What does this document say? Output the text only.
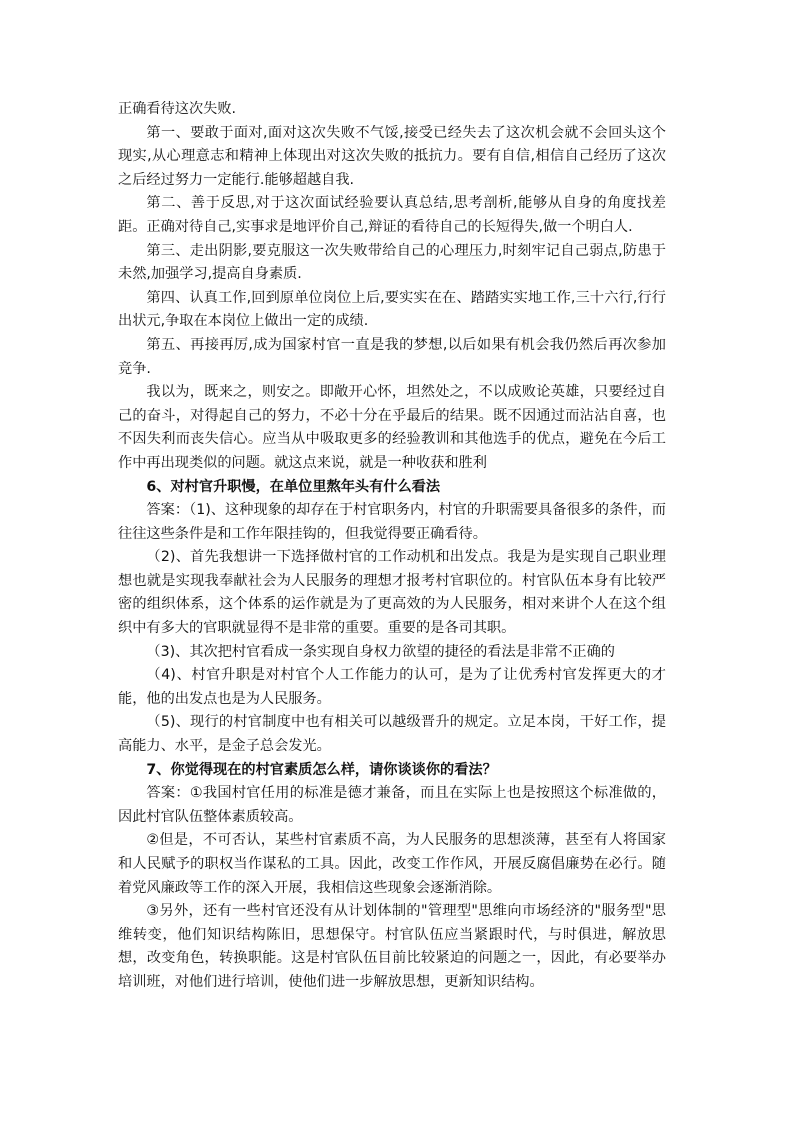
正确看待这次失败.

第一、要敢于面对,面对这次失败不气馁,接受已经失去了这次机会就不会回头这个现实,从心理意志和精神上体现出对这次失败的抵抗力。要有自信,相信自己经历了这次之后经过努力一定能行.能够超越自我.

第二、善于反思,对于这次面试经验要认真总结,思考剖析,能够从自身的角度找差距。正确对待自己,实事求是地评价自己,辩证的看待自己的长短得失,做一个明白人.

第三、走出阴影,要克服这一次失败带给自己的心理压力,时刻牢记自己弱点,防患于未然,加强学习,提高自身素质.

第四、认真工作,回到原单位岗位上后,要实实在在、踏踏实实地工作,三十六行,行行出状元,争取在本岗位上做出一定的成绩.

第五、再接再厉,成为国家村官一直是我的梦想,以后如果有机会我仍然后再次参加竞争.

我以为，既来之，则安之。即敞开心怀，坦然处之，不以成败论英雄，只要经过自己的奋斗，对得起自己的努力，不必十分在乎最后的结果。既不因通过而沾沾自喜，也不因失利而丧失信心。应当从中吸取更多的经验教训和其他选手的优点，避免在今后工作中再出现类似的问题。就这点来说，就是一种收获和胜利

6、对村官升职慢，在单位里熬年头有什么看法

答案：（1)、这种现象的却存在于村官职务内，村官的升职需要具备很多的条件，而往往这些条件是和工作年限挂钩的，但我觉得要正确看待。

（2)、首先我想讲一下选择做村官的工作动机和出发点。我是为是实现自己职业理想也就是实现我奉献社会为人民服务的理想才报考村官职位的。村官队伍本身有比较严密的组织体系，这个体系的运作就是为了更高效的为人民服务，相对来讲个人在这个组织中有多大的官职就显得不是非常的重要。重要的是各司其职。

（3)、其次把村官看成一条实现自身权力欲望的捷径的看法是非常不正确的

（4)、村官升职是对村官个人工作能力的认可，是为了让优秀村官发挥更大的才能，他的出发点也是为人民服务。

（5)、现行的村官制度中也有相关可以越级晋升的规定。立足本岗，干好工作，提高能力、水平，是金子总会发光。

7、你觉得现在的村官素质怎么样，请你谈谈你的看法？

答案：①我国村官任用的标准是德才兼备，而且在实际上也是按照这个标准做的，因此村官队伍整体素质较高。

②但是，不可否认，某些村官素质不高，为人民服务的思想淡薄，甚至有人将国家和人民赋予的职权当作谋私的工具。因此，改变工作作风，开展反腐倡廉势在必行。随着党风廉政等工作的深入开展，我相信这些现象会逐渐消除。

③另外，还有一些村官还没有从计划体制的"管理型"思维向市场经济的"服务型"思维转变，他们知识结构陈旧，思想保守。村官队伍应当紧跟时代，与时俱进，解放思想，改变角色，转换职能。这是村官队伍目前比较紧迫的问题之一，因此，有必要举办培训班，对他们进行培训，使他们进一步解放思想，更新知识结构。
